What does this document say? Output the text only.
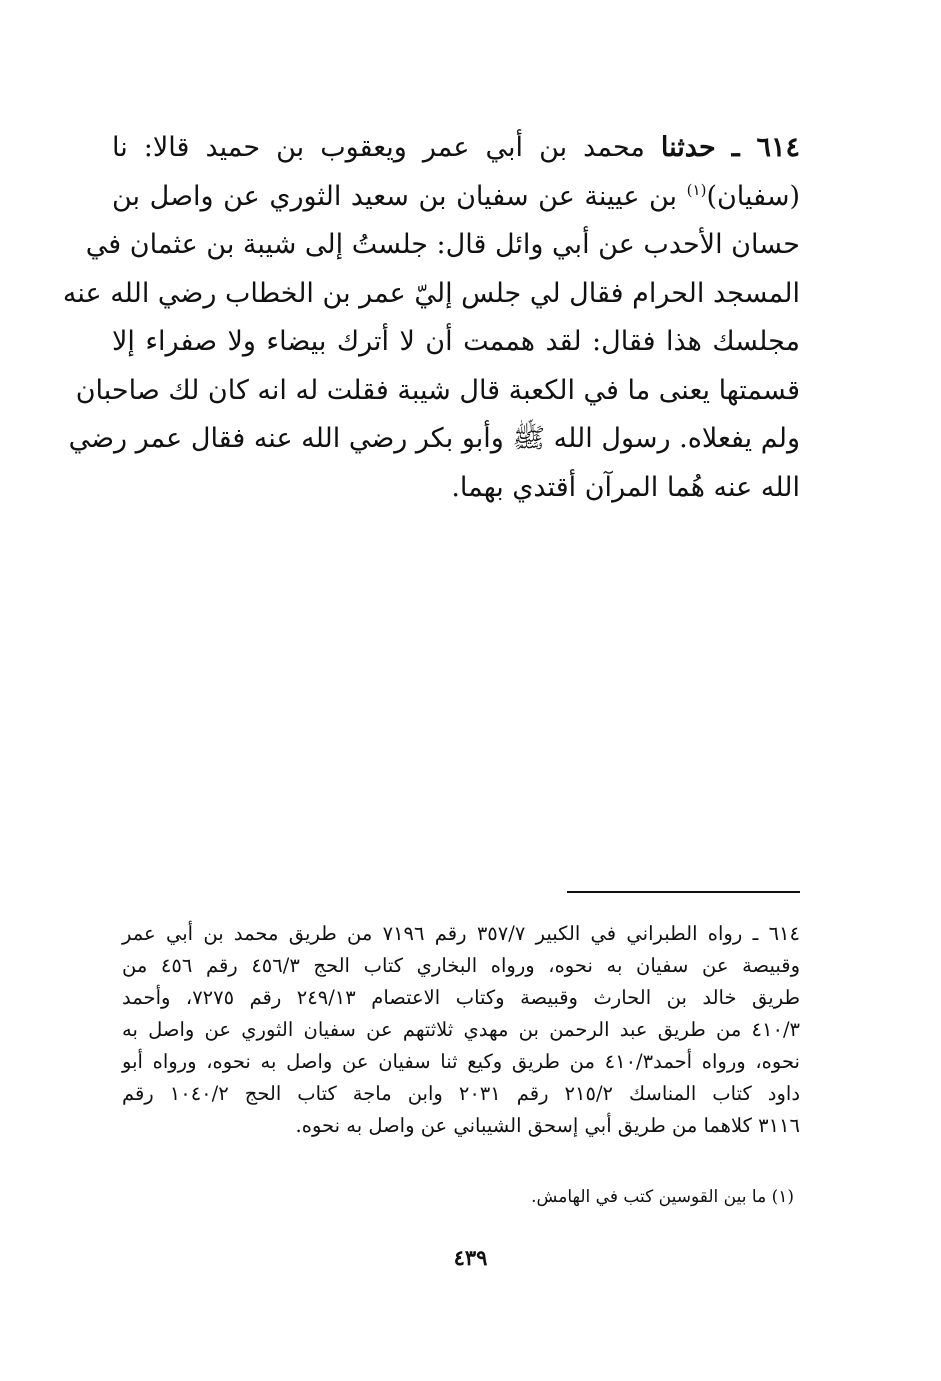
٦١٤ ـ حدثنا محمد بن أبي عمر ويعقوب بن حميد قالا: نا
(سفيان)$^{(١)}$ بن عيينة عن سفيان بن سعيد الثوري عن واصل بن
حسان الأحدب عن أبي وائل قال: جلستُ إلى شيبة بن عثمان في
المسجد الحرام فقال لي جلس إليّ عمر بن الخطاب رضي الله عنه
مجلسك هذا فقال: لقد هممت أن لا أترك بيضاء ولا صفراء إلا
قسمتها يعنى ما في الكعبة قال شيبة فقلت له انه كان لك صاحبان
ولم يفعلاه. رسول الله ﷺ وأبو بكر رضي الله عنه فقال عمر رضي
الله عنه هُما المرآن أقتدي بهما.
٦١٤ ـ رواه الطبراني في الكبير ٣٥٧/٧ رقم ٧١٩٦ من طريق محمد بن أبي عمر
وقبيصة عن سفيان به نحوه، ورواه البخاري كتاب الحج ٤٥٦/٣ رقم ٤٥٦ من
طريق خالد بن الحارث وقبيصة وكتاب الاعتصام ٢٤٩/١٣ رقم ٧٢٧٥، وأحمد
٤١٠/٣ من طريق عبد الرحمن بن مهدي ثلاثتهم عن سفيان الثوري عن واصل به
نحوه، ورواه أحمد٤١٠/٣ من طريق وكيع ثنا سفيان عن واصل به نحوه، ورواه أبو
داود كتاب المناسك ٢١٥/٢ رقم ٢٠٣١ وابن ماجة كتاب الحج ١٠٤٠/٢ رقم
٣١١٦ كلاهما من طريق أبي إسحق الشيباني عن واصل به نحوه.
(١) ما بين القوسين كتب في الهامش.
٤٣٩
